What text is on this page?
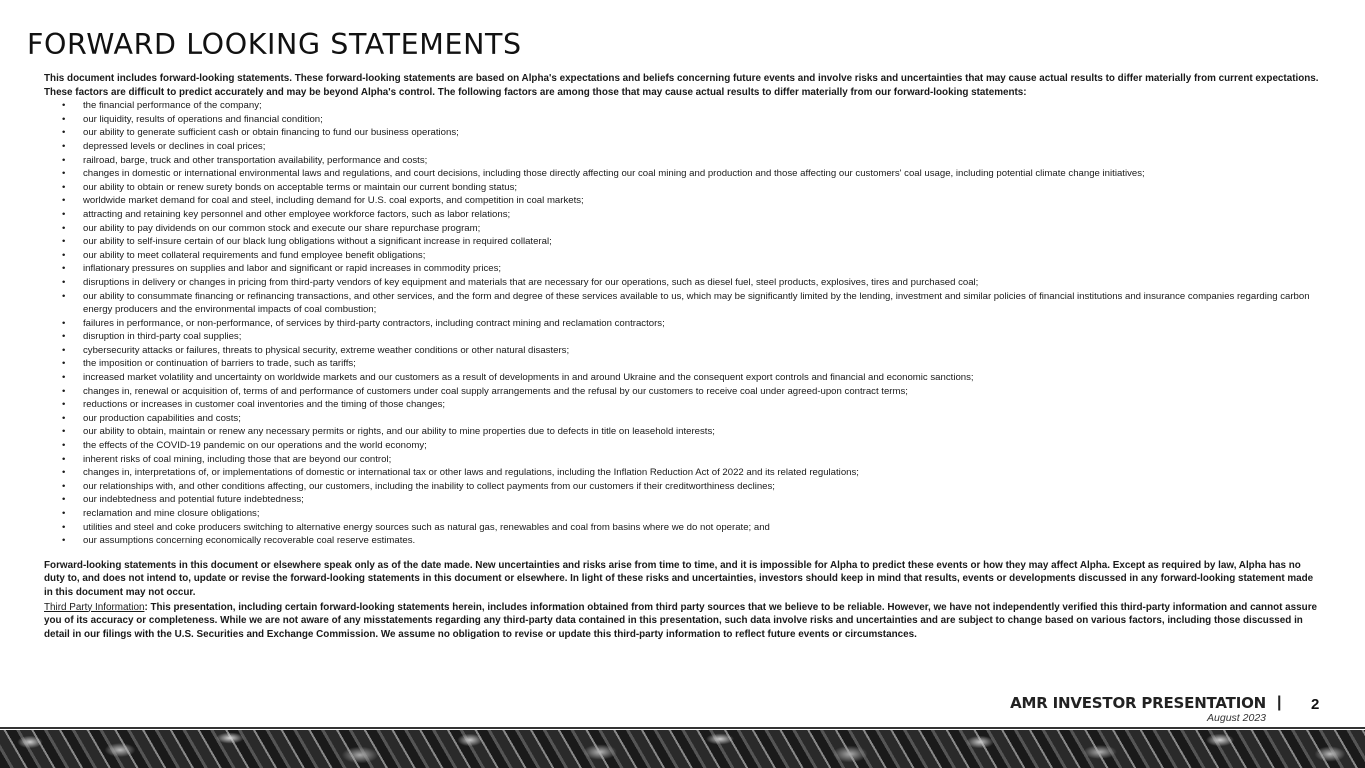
FORWARD LOOKING STATEMENTS

This document includes forward-looking statements. These forward-looking statements are based on Alpha's expectations and beliefs concerning future events and involve risks and uncertainties that may cause actual results to differ materially from current expectations. These factors are difficult to predict accurately and may be beyond Alpha's control. The following factors are among those that may cause actual results to differ materially from our forward-looking statements:

• the financial performance of the company;
• our liquidity, results of operations and financial condition;
• our ability to generate sufficient cash or obtain financing to fund our business operations;
• depressed levels or declines in coal prices;
• railroad, barge, truck and other transportation availability, performance and costs;
• changes in domestic or international environmental laws and regulations, and court decisions, including those directly affecting our coal mining and production and those affecting our customers' coal usage, including potential climate change initiatives;
• our ability to obtain or renew surety bonds on acceptable terms or maintain our current bonding status;
• worldwide market demand for coal and steel, including demand for U.S. coal exports, and competition in coal markets;
• attracting and retaining key personnel and other employee workforce factors, such as labor relations;
• our ability to pay dividends on our common stock and execute our share repurchase program;
• our ability to self-insure certain of our black lung obligations without a significant increase in required collateral;
• our ability to meet collateral requirements and fund employee benefit obligations;
• inflationary pressures on supplies and labor and significant or rapid increases in commodity prices;
• disruptions in delivery or changes in pricing from third-party vendors of key equipment and materials that are necessary for our operations, such as diesel fuel, steel products, explosives, tires and purchased coal;
• our ability to consummate financing or refinancing transactions, and other services, and the form and degree of these services available to us, which may be significantly limited by the lending, investment and similar policies of financial institutions and insurance companies regarding carbon energy producers and the environmental impacts of coal combustion;
• failures in performance, or non-performance, of services by third-party contractors, including contract mining and reclamation contractors;
• disruption in third-party coal supplies;
• cybersecurity attacks or failures, threats to physical security, extreme weather conditions or other natural disasters;
• the imposition or continuation of barriers to trade, such as tariffs;
• increased market volatility and uncertainty on worldwide markets and our customers as a result of developments in and around Ukraine and the consequent export controls and financial and economic sanctions;
• changes in, renewal or acquisition of, terms of and performance of customers under coal supply arrangements and the refusal by our customers to receive coal under agreed-upon contract terms;
• reductions or increases in customer coal inventories and the timing of those changes;
• our production capabilities and costs;
• our ability to obtain, maintain or renew any necessary permits or rights, and our ability to mine properties due to defects in title on leasehold interests;
• the effects of the COVID-19 pandemic on our operations and the world economy;
• inherent risks of coal mining, including those that are beyond our control;
• changes in, interpretations of, or implementations of domestic or international tax or other laws and regulations, including the Inflation Reduction Act of 2022 and its related regulations;
• our relationships with, and other conditions affecting, our customers, including the inability to collect payments from our customers if their creditworthiness declines;
• our indebtedness and potential future indebtedness;
• reclamation and mine closure obligations;
• utilities and steel and coke producers switching to alternative energy sources such as natural gas, renewables and coal from basins where we do not operate; and
• our assumptions concerning economically recoverable coal reserve estimates.

Forward-looking statements in this document or elsewhere speak only as of the date made. New uncertainties and risks arise from time to time, and it is impossible for Alpha to predict these events or how they may affect Alpha. Except as required by law, Alpha has no duty to, and does not intend to, update or revise the forward-looking statements in this document or elsewhere. In light of these risks and uncertainties, investors should keep in mind that results, events or developments discussed in any forward-looking statement made in this document may not occur.

Third Party Information: This presentation, including certain forward-looking statements herein, includes information obtained from third party sources that we believe to be reliable. However, we have not independently verified this third-party information and cannot assure you of its accuracy or completeness. While we are not aware of any misstatements regarding any third-party data contained in this presentation, such data involve risks and uncertainties and are subject to change based on various factors, including those discussed in detail in our filings with the U.S. Securities and Exchange Commission. We assume no obligation to revise or update this third-party information to reflect future events or circumstances.

AMR INVESTOR PRESENTATION |
August 2023
2
